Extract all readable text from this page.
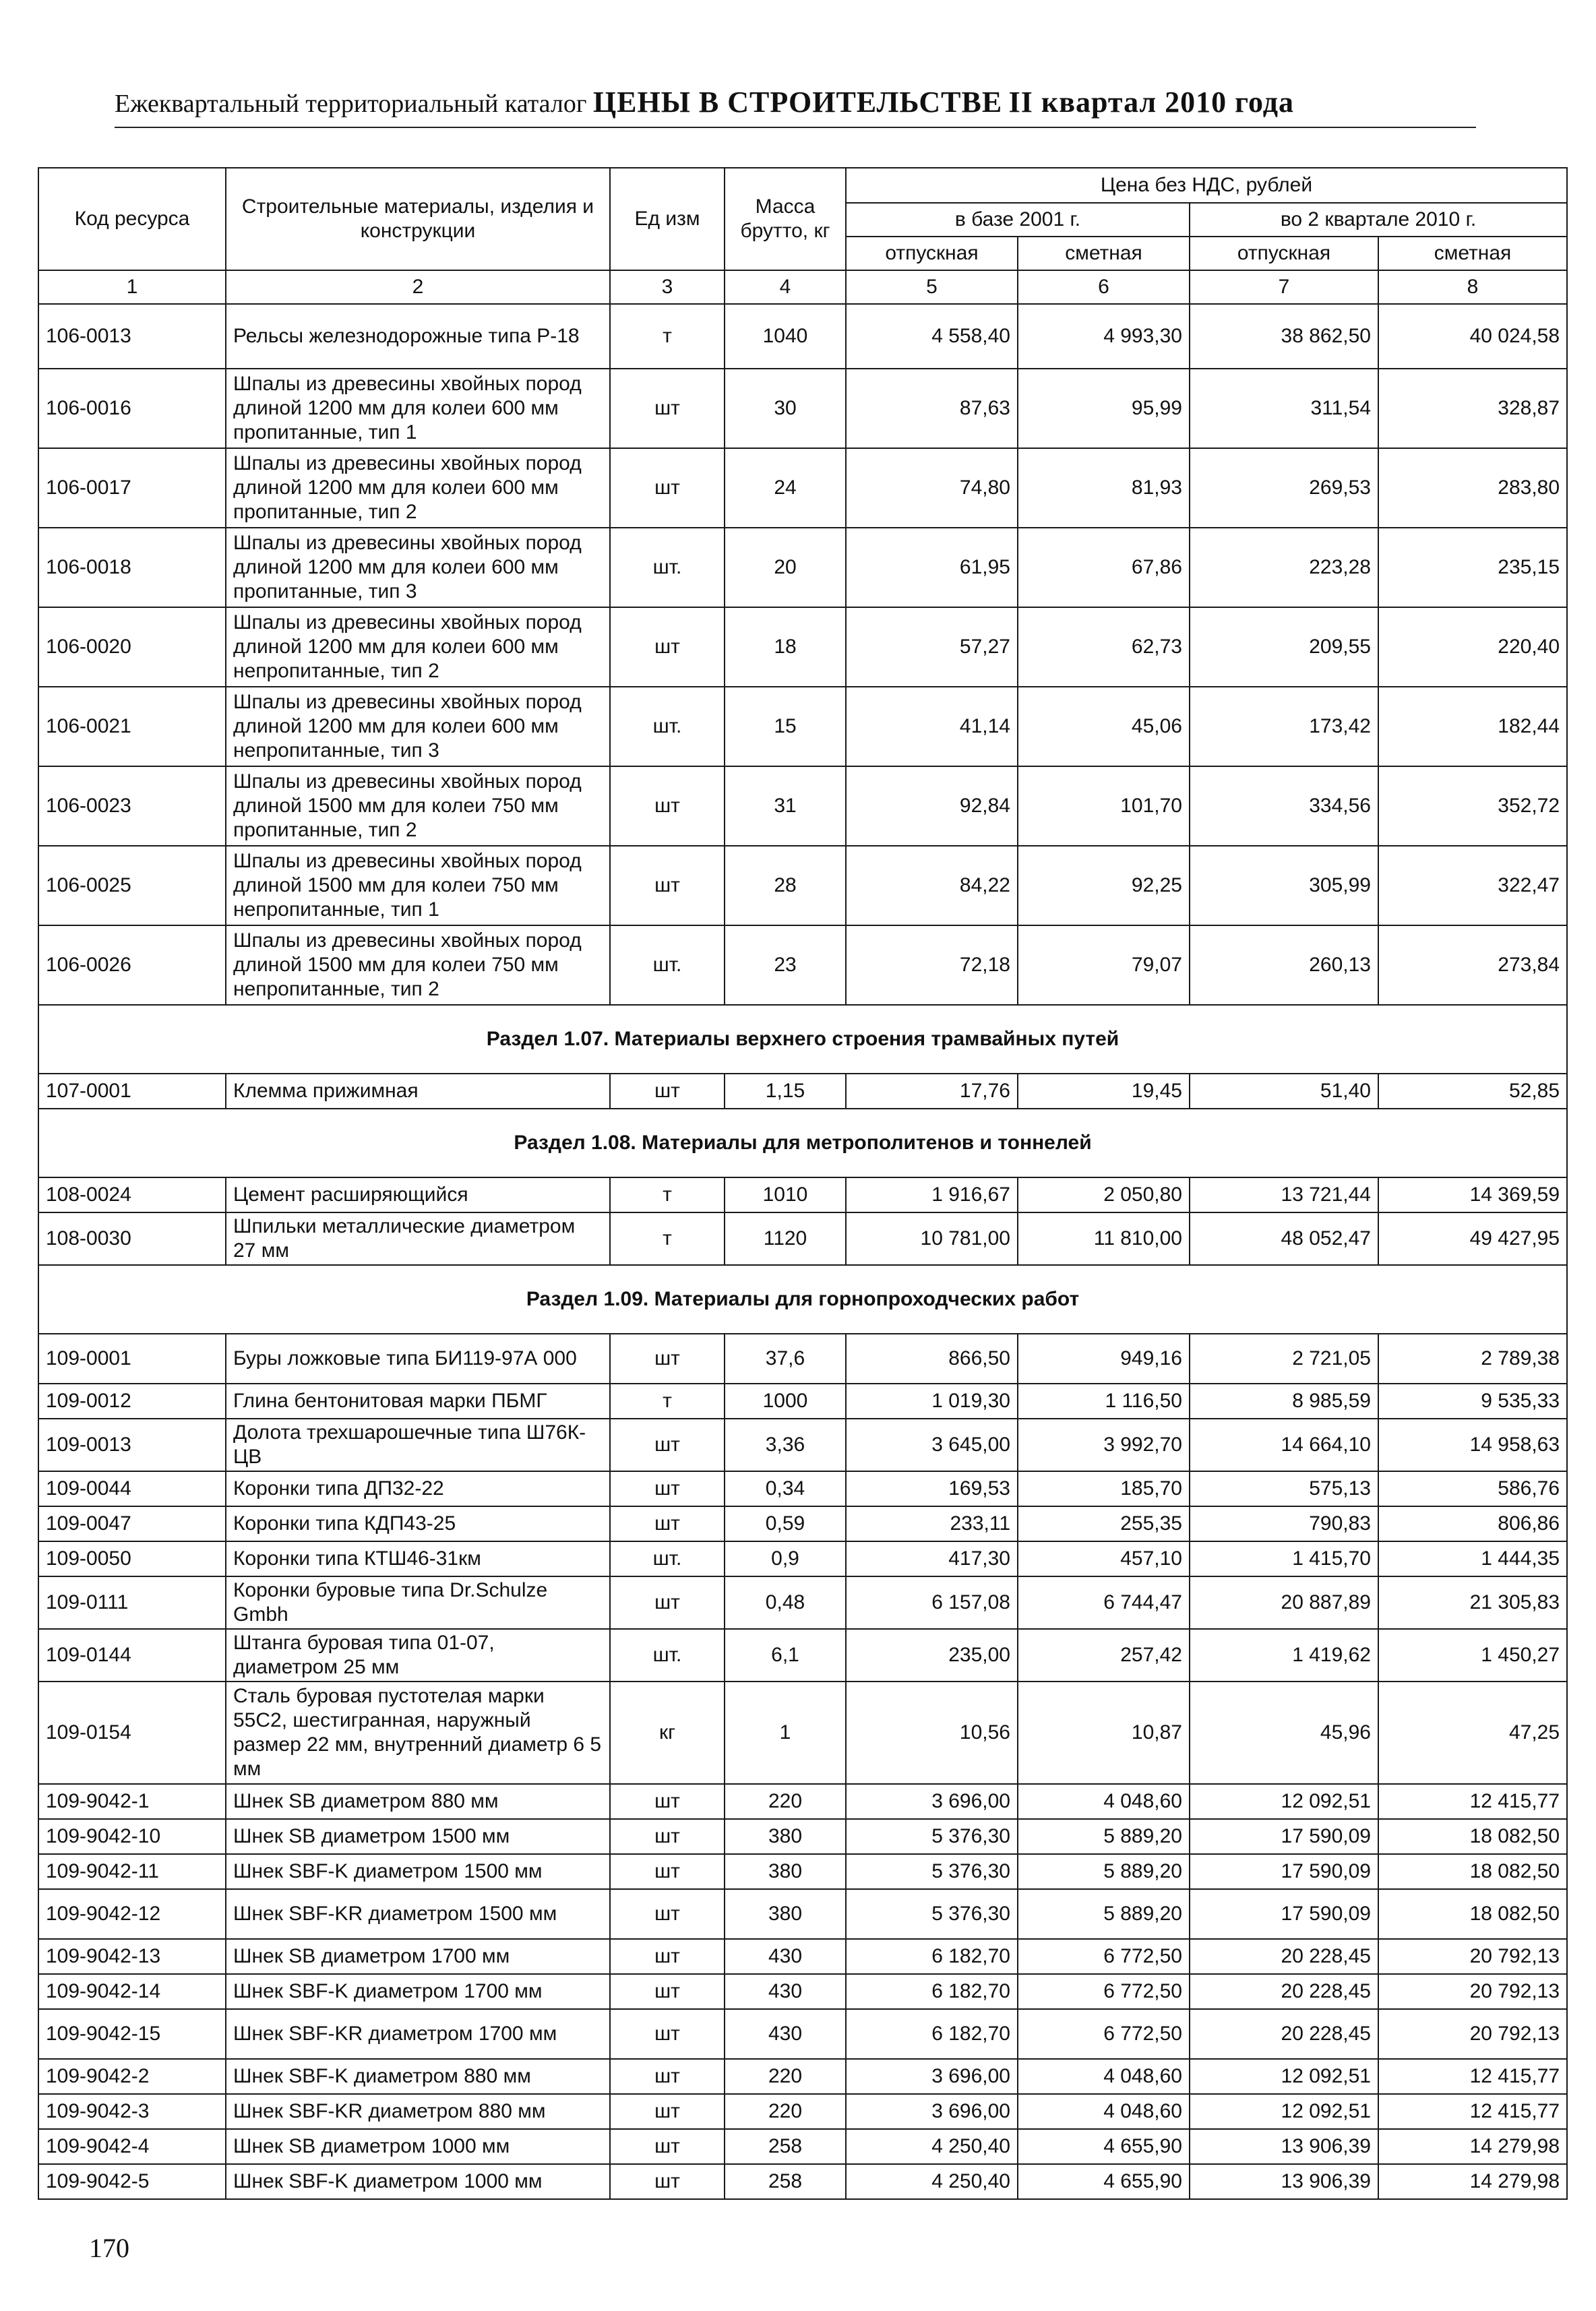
Ежеквартальный территориальный каталог ЦЕНЫ В СТРОИТЕЛЬСТВЕ II квартал 2010 года
Код ресурса	Строительные материалы, изделия и конструкции	Ед изм	Масса брутто, кг	Цена без НДС, рублей			
				в базе 2001 г.		во 2 квартале 2010 г.	
				отпускная	сметная	отпускная	сметная
1	2	3	4	5	6	7	8
106-0013	Рельсы железнодорожные типа Р-18	т	1040	4 558,40	4 993,30	38 862,50	40 024,58
106-0016	Шпалы из древесины хвойных пород длиной 1200 мм для колеи 600 мм пропитанные, тип 1	шт	30	87,63	95,99	311,54	328,87
106-0017	Шпалы из древесины хвойных пород длиной 1200 мм для колеи 600 мм пропитанные, тип 2	шт	24	74,80	81,93	269,53	283,80
106-0018	Шпалы из древесины хвойных пород длиной 1200 мм для колеи 600 мм пропитанные, тип 3	шт.	20	61,95	67,86	223,28	235,15
106-0020	Шпалы из древесины хвойных пород длиной 1200 мм для колеи 600 мм непропитанные, тип 2	шт	18	57,27	62,73	209,55	220,40
106-0021	Шпалы из древесины хвойных пород длиной 1200 мм для колеи 600 мм непропитанные, тип 3	шт.	15	41,14	45,06	173,42	182,44
106-0023	Шпалы из древесины хвойных пород длиной 1500 мм для колеи 750 мм пропитанные, тип 2	шт	31	92,84	101,70	334,56	352,72
106-0025	Шпалы из древесины хвойных пород длиной 1500 мм для колеи 750 мм непропитанные, тип 1	шт	28	84,22	92,25	305,99	322,47
106-0026	Шпалы из древесины хвойных пород длиной 1500 мм для колеи 750 мм непропитанные, тип 2	шт.	23	72,18	79,07	260,13	273,84
Раздел 1.07. Материалы верхнего строения трамвайных путей							
107-0001	Клемма прижимная	шт	1,15	17,76	19,45	51,40	52,85
Раздел 1.08. Материалы для метрополитенов и тоннелей							
108-0024	Цемент расширяющийся	т	1010	1 916,67	2 050,80	13 721,44	14 369,59
108-0030	Шпильки металлические диаметром 27 мм	т	1120	10 781,00	11 810,00	48 052,47	49 427,95
Раздел 1.09. Материалы для горнопроходческих работ							
109-0001	Буры ложковые типа БИ119-97А 000	шт	37,6	866,50	949,16	2 721,05	2 789,38
109-0012	Глина бентонитовая марки ПБМГ	т	1000	1 019,30	1 116,50	8 985,59	9 535,33
109-0013	Долота трехшарошечные типа Ш76К-ЦВ	шт	3,36	3 645,00	3 992,70	14 664,10	14 958,63
109-0044	Коронки типа ДП32-22	шт	0,34	169,53	185,70	575,13	586,76
109-0047	Коронки типа КДП43-25	шт	0,59	233,11	255,35	790,83	806,86
109-0050	Коронки типа КТШ46-31км	шт.	0,9	417,30	457,10	1 415,70	1 444,35
109-0111	Коронки буровые типа Dr.Schulze Gmbh	шт	0,48	6 157,08	6 744,47	20 887,89	21 305,83
109-0144	Штанга буровая типа 01-07, диаметром 25 мм	шт.	6,1	235,00	257,42	1 419,62	1 450,27
109-0154	Сталь буровая пустотелая марки 55С2, шестигранная, наружный размер 22 мм, внутренний диаметр 6 5 мм	кг	1	10,56	10,87	45,96	47,25
109-9042-1	Шнек SB диаметром 880 мм	шт	220	3 696,00	4 048,60	12 092,51	12 415,77
109-9042-10	Шнек SB диаметром 1500 мм	шт	380	5 376,30	5 889,20	17 590,09	18 082,50
109-9042-11	Шнек SBF-K диаметром 1500 мм	шт	380	5 376,30	5 889,20	17 590,09	18 082,50
109-9042-12	Шнек SBF-KR диаметром 1500 мм	шт	380	5 376,30	5 889,20	17 590,09	18 082,50
109-9042-13	Шнек SB диаметром 1700 мм	шт	430	6 182,70	6 772,50	20 228,45	20 792,13
109-9042-14	Шнек SBF-K диаметром 1700 мм	шт	430	6 182,70	6 772,50	20 228,45	20 792,13
109-9042-15	Шнек SBF-KR диаметром 1700 мм	шт	430	6 182,70	6 772,50	20 228,45	20 792,13
109-9042-2	Шнек SBF-K диаметром 880 мм	шт	220	3 696,00	4 048,60	12 092,51	12 415,77
109-9042-3	Шнек SBF-KR диаметром 880 мм	шт	220	3 696,00	4 048,60	12 092,51	12 415,77
109-9042-4	Шнек SB диаметром 1000 мм	шт	258	4 250,40	4 655,90	13 906,39	14 279,98
109-9042-5	Шнек SBF-K диаметром 1000 мм	шт	258	4 250,40	4 655,90	13 906,39	14 279,98
170
